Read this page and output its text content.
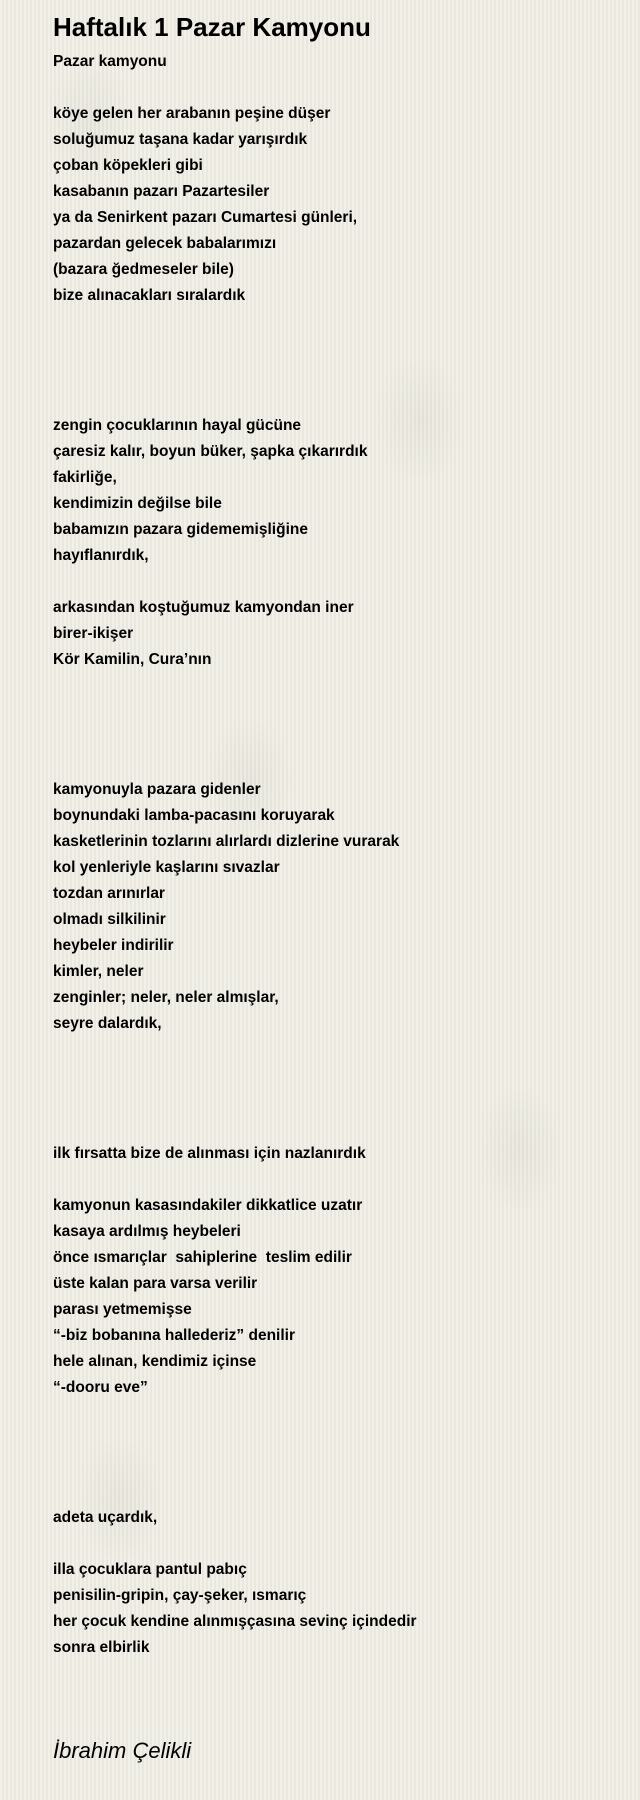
Haftalık 1 Pazar Kamyonu

Pazar kamyonu

köye gelen her arabanın peşine düşer
soluğumuz taşana kadar yarışırdık
çoban köpekleri gibi
kasabanın pazarı Pazartesiler
ya da Senirkent pazarı Cumartesi günleri,
pazardan gelecek babalarımızı
(bazara ğedmeseler bile)
bize alınacakları sıralardık
zengin çocuklarının hayal gücüne
çaresiz kalır, boyun büker, şapka çıkarırdık
fakirliğe,
kendimizin değilse bile
babamızın pazara gidememişliğine
hayıflanırdık,
arkasından koştuğumuz kamyondan iner
birer-ikişer
Kör Kamilin, Cura’nın
kamyonuyla pazara gidenler
boynundaki lamba-pacasını koruyarak
kasketlerinin tozlarını alırlardı dizlerine vurarak
kol yenleriyle kaşlarını sıvazlar
tozdan arınırlar
olmadı silkilinir
heybeler indirilir
kimler, neler
zenginler; neler, neler almışlar,
seyre dalardık,
ilk fırsatta bize de alınması için nazlanırdık
kamyonun kasasındakiler dikkatlice uzatır
kasaya ardılmış heybeleri
önce ısmarıçlar  sahiplerine  teslim edilir
üste kalan para varsa verilir
parası yetmemişse
“-biz bobanına hallederiz” denilir
hele alınan, kendimiz içinse
“-dooru eve”
adeta uçardık,
illa çocuklara pantul pabıç
penisilin-gripin, çay-şeker, ısmarıç
her çocuk kendine alınmışçasına sevinç içindedir
sonra elbirlik
İbrahim Çelikli
